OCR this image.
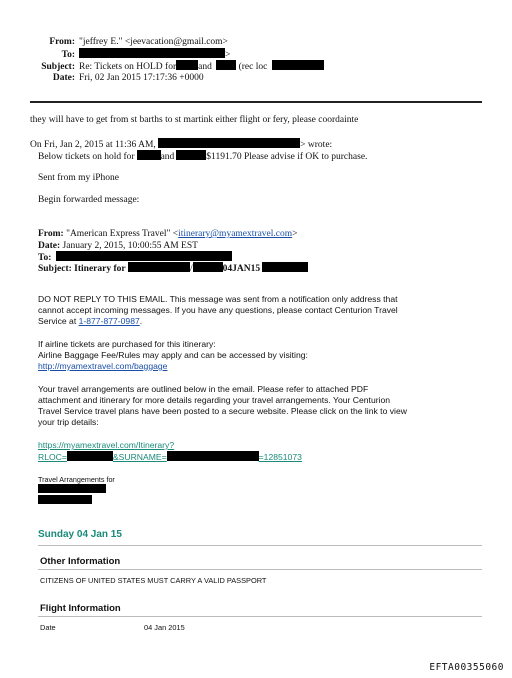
From: "jeffrey E." <jeevacation@gmail.com>
To:	>
Subject: Re: Tickets on HOLD for and	(rec loc
Date: Fri, 02 Jan 2015 17:17:36 +0000
they will have to get from st barths to st martink either flight or fery, please coordainte
On Fri, Jan 2, 2015 at 11:36 AM,	> wrote:
Below tickets on hold for	and	$1191.70 Please advise if OK to purchase.
Sent from my iPhone
Begin forwarded message:
From: "American Express Travel" <itinerary@myamextravel.com>
Date: January 2, 2015, 10:00:55 AM EST
To:
Subject: Itinerary for	/	04JAN15
DO NOT REPLY TO THIS EMAIL. This message was sent from a notification only address that
cannot accept incoming messages. If you have any questions, please contact Centurion Travel
Service at 1-877-877-0987.
If airline tickets are purchased for this itinerary:
Airline Baggage Fee/Rules may apply and can be accessed by visiting:
http://myamextravel.com/baggage
Your travel arrangements are outlined below in the email. Please refer to attached PDF
attachment and itinerary for more details regarding your travel arrangements. Your Centurion
Travel Service travel plans have been posted to a secure website. Please click on the link to view
your trip details:
https://myamextravel.com/Itinerary?
RLOC=	&SURNAME=	=12851073
Travel Arrangements for
Sunday 04 Jan 15
Other Information
CITIZENS OF UNITED STATES MUST CARRY A VALID PASSPORT
Flight Information
Date	04 Jan 2015
EFTA00355060
